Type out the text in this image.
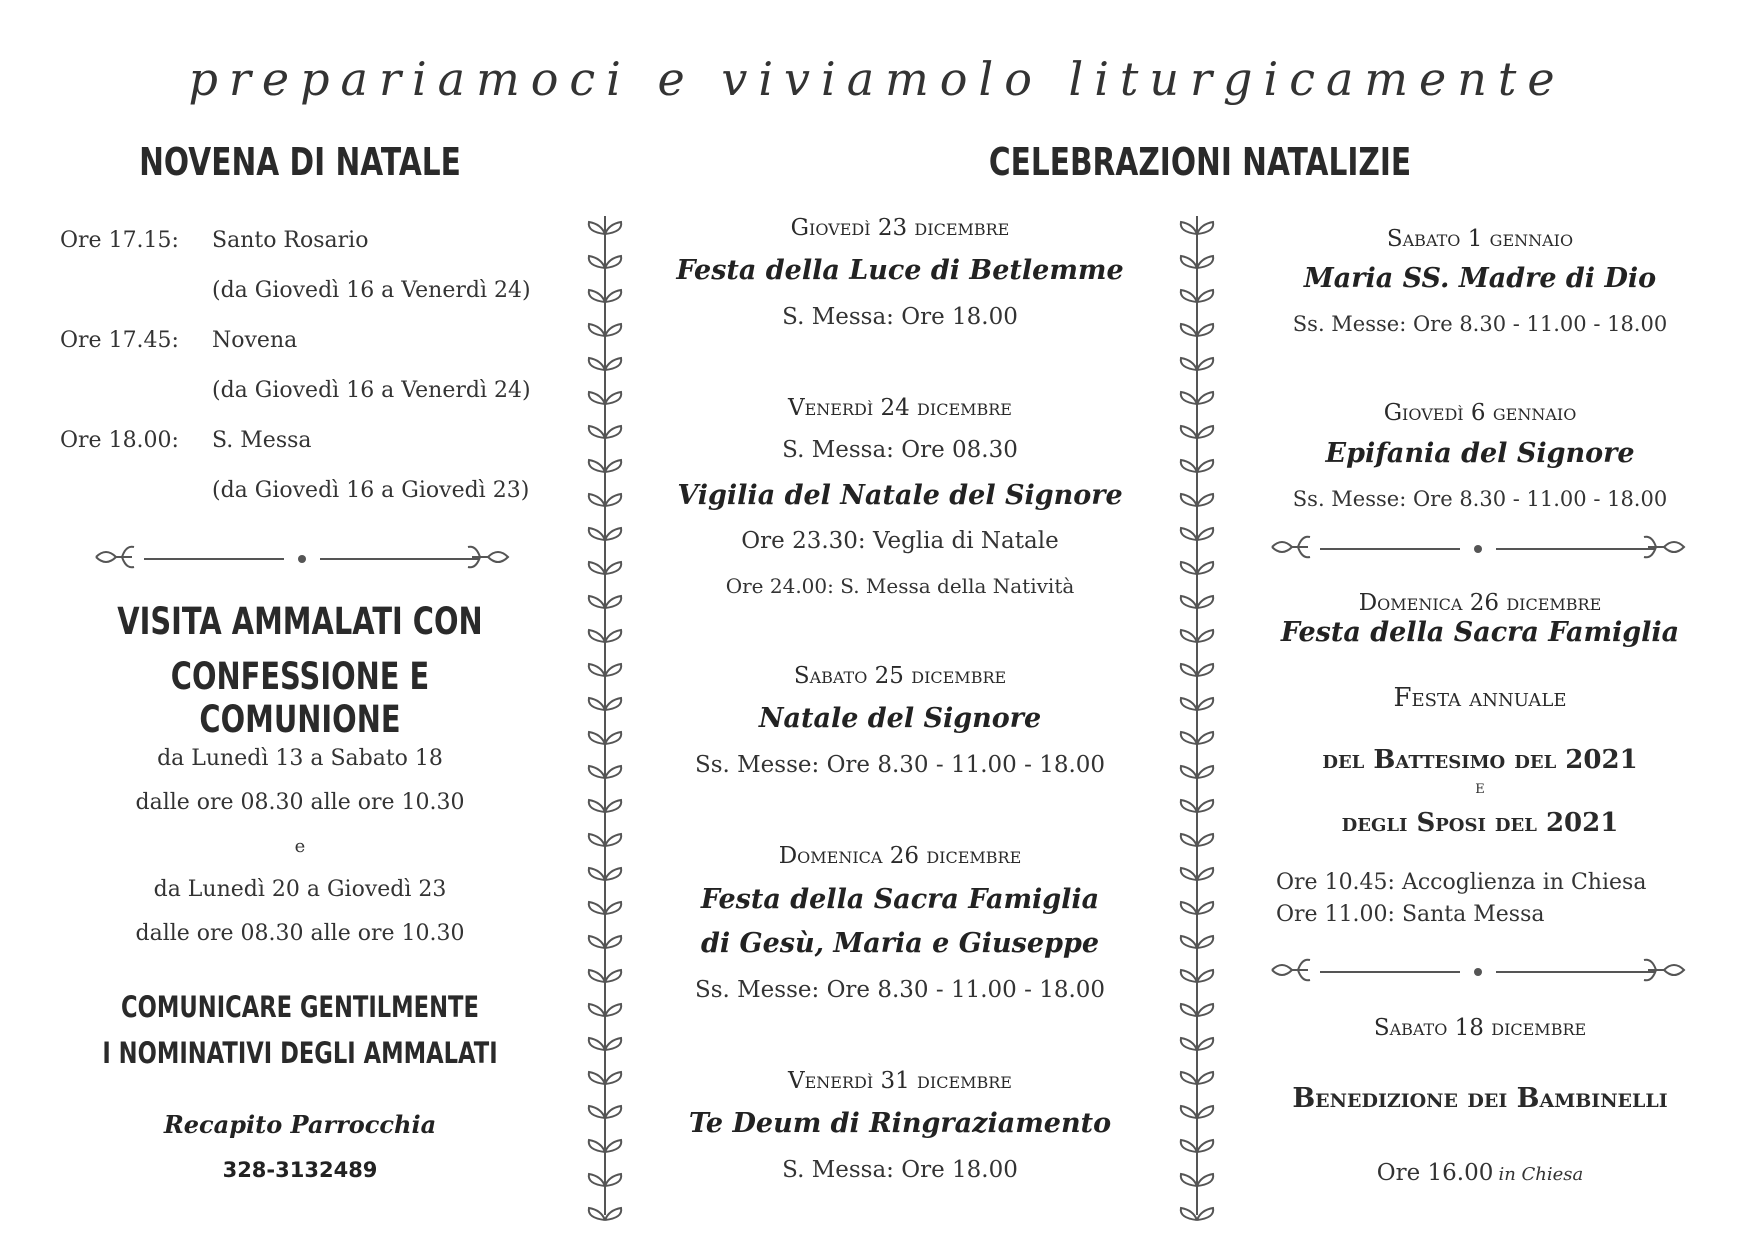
prepariamoci e viviamolo liturgicamente
NOVENA DI NATALE
Ore 17.15: Santo Rosario
(da Giovedì 16 a Venerdì 24)
Ore 17.45: Novena
(da Giovedì 16 a Venerdì 24)
Ore 18.00: S. Messa
(da Giovedì 16 a Giovedì 23)
VISITA AMMALATI CON
CONFESSIONE E COMUNIONE
da Lunedì 13 a Sabato 18
dalle ore 08.30 alle ore 10.30
e
da Lunedì 20 a Giovedì 23
dalle ore 08.30 alle ore 10.30
COMUNICARE GENTILMENTE
I NOMINATIVI DEGLI AMMALATI
Recapito Parrocchia
328-3132489
CELEBRAZIONI NATALIZIE
Giovedì 23 dicembre
Festa della Luce di Betlemme
S. Messa: Ore 18.00
Venerdì 24 dicembre
S. Messa: Ore 08.30
Vigilia del Natale del Signore
Ore 23.30: Veglia di Natale
Ore 24.00: S. Messa della Natività
Sabato 25 dicembre
Natale del Signore
Ss. Messe: Ore 8.30 - 11.00 - 18.00
Domenica 26 dicembre
Festa della Sacra Famiglia
di Gesù, Maria e Giuseppe
Ss. Messe: Ore 8.30 - 11.00 - 18.00
Venerdì 31 dicembre
Te Deum di Ringraziamento
S. Messa: Ore 18.00
Sabato 1 gennaio
Maria SS. Madre di Dio
Ss. Messe: Ore 8.30 - 11.00 - 18.00
Giovedì 6 gennaio
Epifania del Signore
Ss. Messe: Ore 8.30 - 11.00 - 18.00
Domenica 26 dicembre
Festa della Sacra Famiglia
Festa annuale
del Battesimo del 2021
e
degli Sposi del 2021
Ore 10.45: Accoglienza in Chiesa
Ore 11.00: Santa Messa
Sabato 18 dicembre
Benedizione dei Bambinelli
Ore 16.00 in Chiesa
